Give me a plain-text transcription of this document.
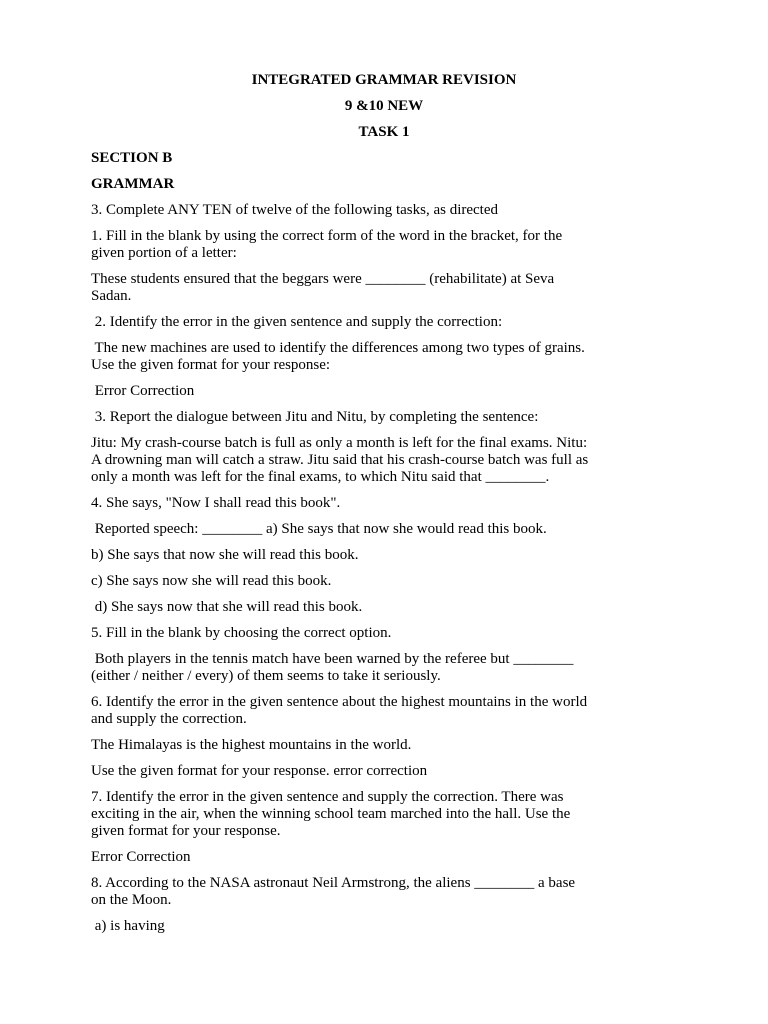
INTEGRATED GRAMMAR REVISION
9 &10 NEW
TASK 1
SECTION B
GRAMMAR
3. Complete ANY TEN of twelve of the following tasks, as directed
1. Fill in the blank by using the correct form of the word in the bracket, for the
given portion of a letter:
These students ensured that the beggars were ________ (rehabilitate) at Seva
Sadan.
2. Identify the error in the given sentence and supply the correction:
The new machines are used to identify the differences among two types of grains.
Use the given format for your response:
Error Correction
3. Report the dialogue between Jitu and Nitu, by completing the sentence:
Jitu: My crash-course batch is full as only a month is left for the final exams. Nitu:
A drowning man will catch a straw. Jitu said that his crash-course batch was full as
only a month was left for the final exams, to which Nitu said that ________.
4. She says, "Now I shall read this book".
Reported speech: ________ a) She says that now she would read this book.
b) She says that now she will read this book.
c) She says now she will read this book.
d) She says now that she will read this book.
5. Fill in the blank by choosing the correct option.
Both players in the tennis match have been warned by the referee but ________
(either / neither / every) of them seems to take it seriously.
6. Identify the error in the given sentence about the highest mountains in the world
and supply the correction.
The Himalayas is the highest mountains in the world.
Use the given format for your response. error correction
7. Identify the error in the given sentence and supply the correction. There was
exciting in the air, when the winning school team marched into the hall. Use the
given format for your response.
Error Correction
8. According to the NASA astronaut Neil Armstrong, the aliens ________ a base
on the Moon.
a) is having
